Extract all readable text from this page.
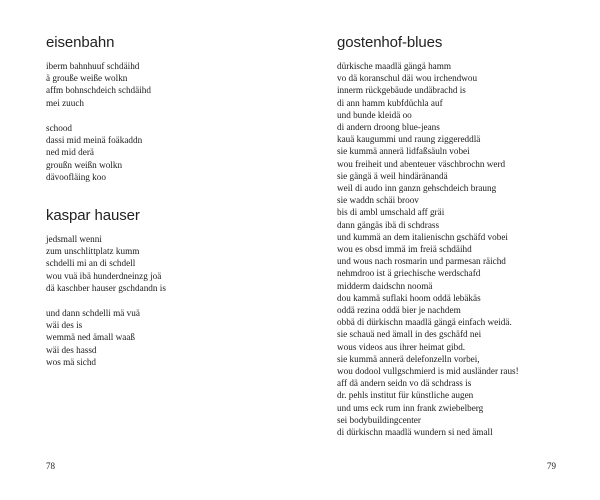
eisenbahn
iberm bahnhuuf schdäihd
ä grouße weiße wolkn
affm bohnschdeich schdäihd
mei zuuch
schood
dassi mid meinä foäkaddn
ned mid derä
groußn weißn wolkn
dävoofläing koo
kaspar hauser
jedsmall wenni
zum unschlittplatz kumm
schdelli mi an di schdell
wou vuä ibä hunderdneinzg joä
dä kaschber hauser gschdandn is
und dann schdelli mä vuä
wäi des is
wemmä ned ämall waaß
wäi des hassd
wos mä sichd
78
gostenhof-blues
dürkische maadlä gängä hamm
vo dä koranschul däi wou irchendwou
innerm rückgebäude undäbrachd is
di ann hamm kubfdüchla auf
und bunde kleidä oo
di andern droong blue-jeans
kauä kaugummi und raung ziggereddlä
sie kummä annerä lidfaßsäuln vobei
wou freiheit und abenteuer väschbrochn werd
sie gängä ä weil hindäränandä
weil di audo inn ganzn gehschdeich braung
sie waddn schäi broov
bis di ambl umschald aff gräi
dann gängäs ibä di schdrass
und kummä an dem italienischn gschäfd vobei
wou es obsd immä im freiä schdäihd
und wous nach rosmarin und parmesan räichd
nehmdroo ist ä griechische werdschafd
midderm daidschn noomä
dou kammä suflaki hoom oddä lebäkäs
oddä rezina oddä bier je nachdem
obbä di dürkischn maadlä gängä einfach weidä.
sie schauä ned ämall in des gschäfd nei
wous videos aus ihrer heimat gibd.
sie kummä annerä delefonzelln vorbei,
wou dodool vullgschmierd is mid ausländer raus!
aff dä andern seidn vo dä schdrass is
dr. pehls institut für künstliche augen
und ums eck rum inn frank zwiebelberg
sei bodybuildingcenter
di dürkischn maadlä wundern si ned ämall
79
